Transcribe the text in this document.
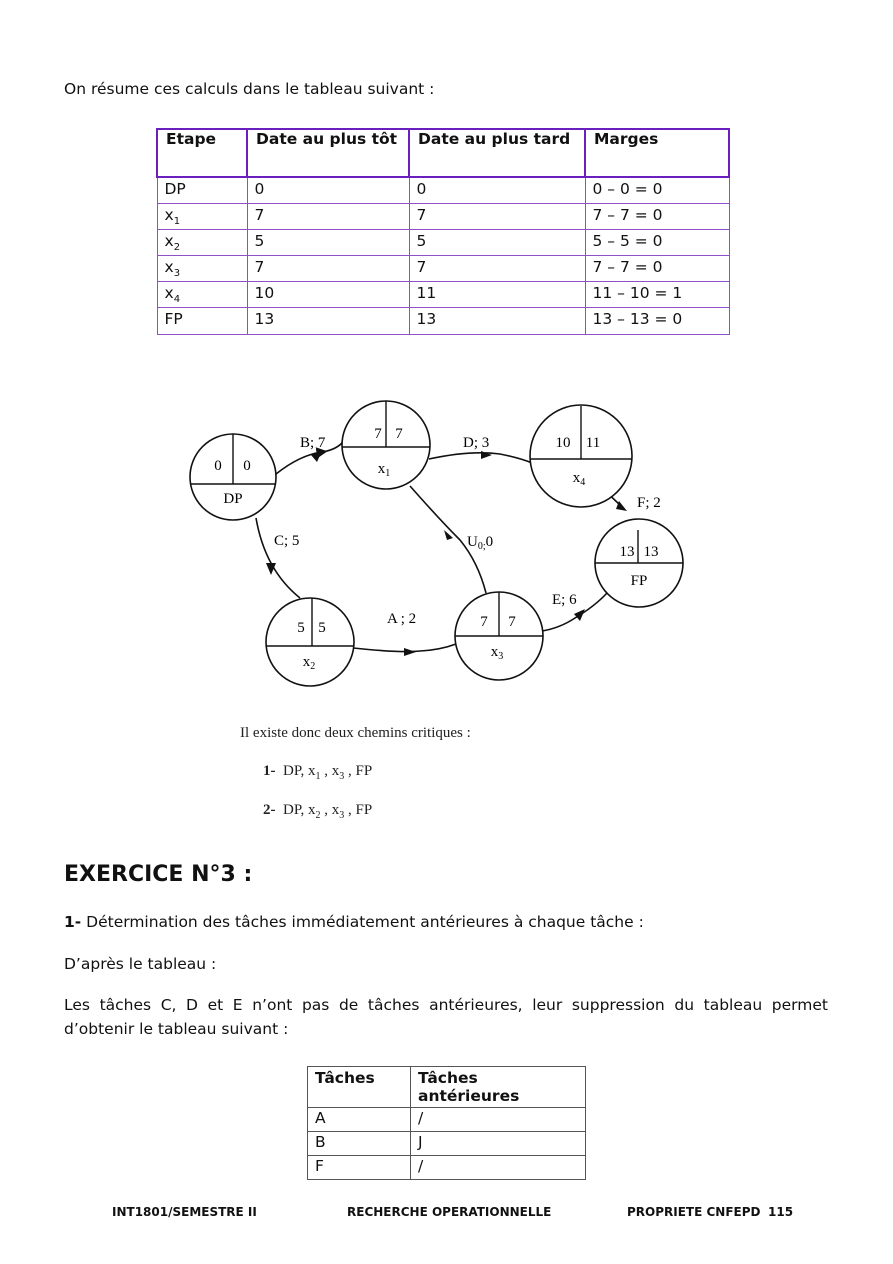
On résume ces calculs dans le tableau suivant :
Etape	Date au plus tôt	Date au plus tard	Marges
DP	0	0	0 – 0 = 0
$x_1$	7	7	7 – 7 = 0
$x_2$	5	5	5 – 5 = 0
$x_3$	7	7	7 – 7 = 0
$x_4$	10	11	11 – 10 = 1
FP	13	13	13 – 13 = 0
0 0
DP
7 7
$x_1$
10 11
$x_4$
13 13
FP
5 5
$x_2$
7 7
$x_3$
B; 7	D; 3
C; 5	$U_{0;}0$
A ; 2
E; 6
F; 2
Il existe donc deux chemins critiques :
1- DP, $x_1$ , $x_3$ , FP
2- DP, $x_2$ , $x_3$ , FP
EXERCICE N°3 :
1- Détermination des tâches immédiatement antérieures à chaque tâche :
D’après le tableau :
Les tâches C, D et E n’ont pas de tâches antérieures, leur suppression du tableau permet d’obtenir le tableau suivant :
Tâches	Tâches antérieures
A	/
B	J
F	/
INT1801/SEMESTRE II	RECHERCHE OPERATIONNELLE	PROPRIETE CNFEPD 115
